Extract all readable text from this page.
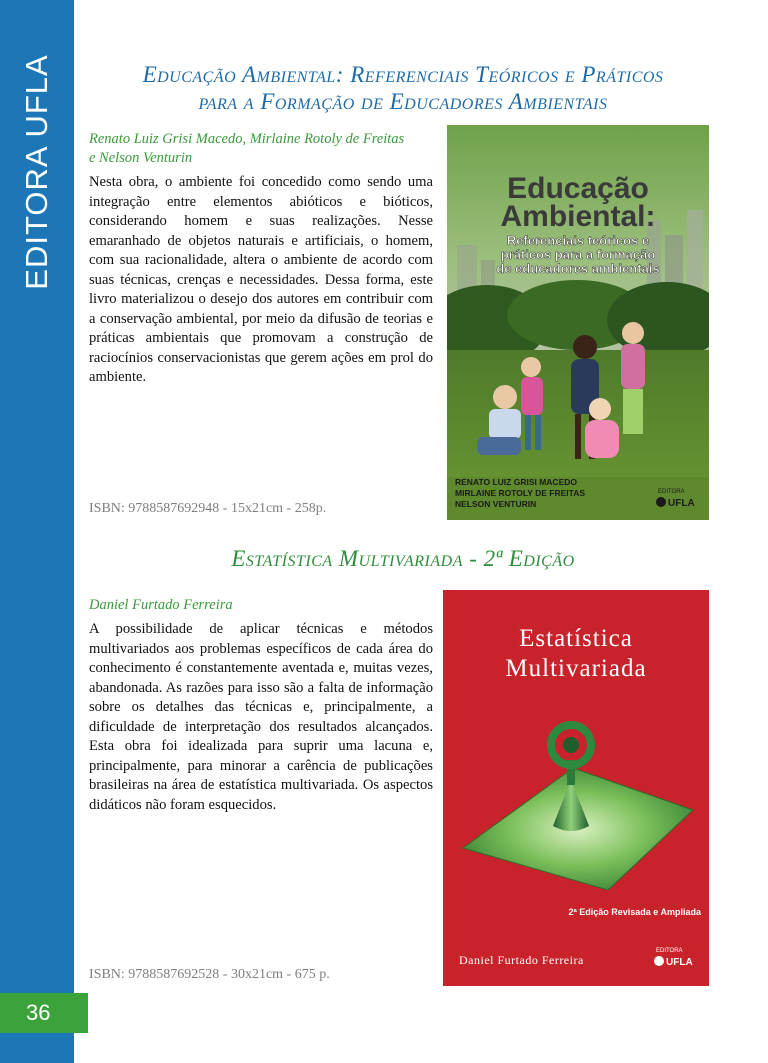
EDITORA UFLA
36
Educação Ambiental: Referenciais Teóricos e Práticos
para a Formação de Educadores Ambientais
Renato Luiz Grisi Macedo, Mirlaine Rotoly de Freitas
e Nelson Venturin

Nesta obra, o ambiente foi concedido como sendo uma integração entre elementos abióticos e bióticos, considerando homem e suas realizações. Nesse emaranhado de objetos naturais e artificiais, o homem, com sua racionalidade, altera o ambiente de acordo com suas técnicas, crenças e necessidades. Dessa forma, este livro materializou o desejo dos autores em contribuir com a conservação ambiental, por meio da difusão de teorias e práticas ambientais que promovam a construção de raciocínios conservacionistas que gerem ações em prol do ambiente.

ISBN: 9788587692948 - 15x21cm - 258p.
Educação
Ambiental:
Referenciais teóricos e
práticos para a formação
de educadores ambientais
RENATO LUIZ GRISI MACEDO
MIRLAINE ROTOLY DE FREITAS
NELSON VENTURIN
EDITORA
UFLA
Estatística Multivariada - 2ª Edição
Daniel Furtado Ferreira

A possibilidade de aplicar técnicas e métodos multivariados aos problemas específicos de cada área do conhecimento é constantemente aventada e, muitas vezes, abandonada. As razões para isso são a falta de informação sobre os detalhes das técnicas e, principalmente, a dificuldade de interpretação dos resultados alcançados. Esta obra foi idealizada para suprir uma lacuna e, principalmente, para minorar a carência de publicações brasileiras na área de estatística multivariada. Os aspectos didáticos não foram esquecidos.

ISBN: 9788587692528 - 30x21cm - 675 p.
Estatística
Multivariada
2ª Edição Revisada e Ampliada
Daniel Furtado Ferreira
EDITORA
UFLA
